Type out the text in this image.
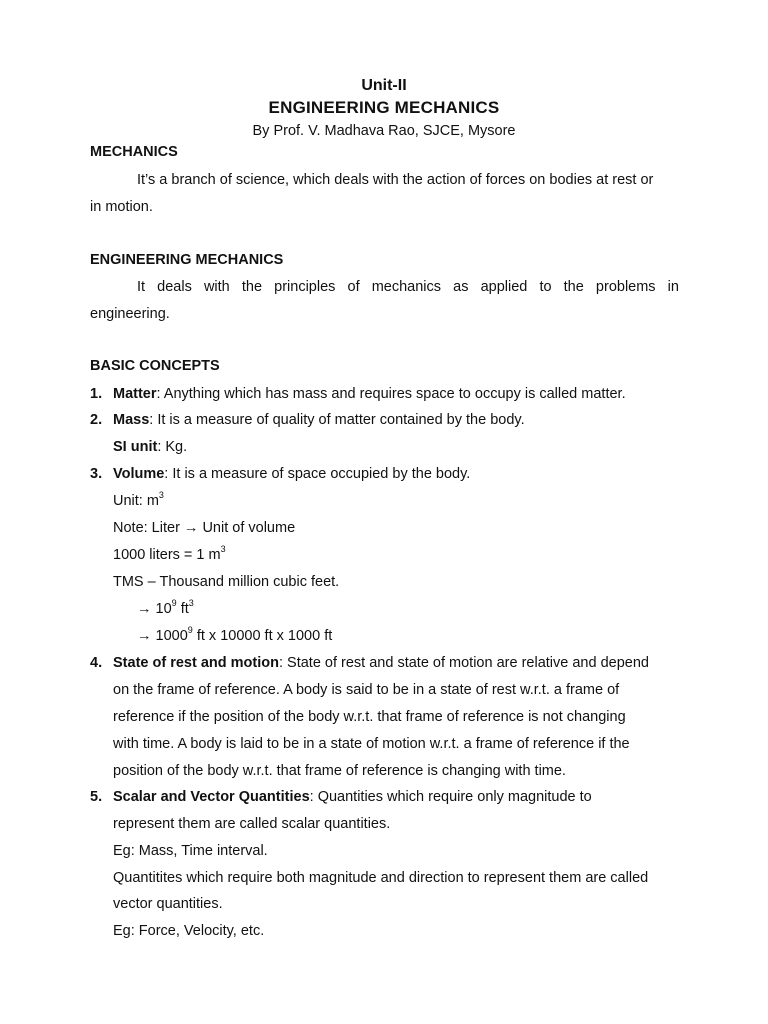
Unit-II
ENGINEERING MECHANICS
By Prof. V. Madhava Rao, SJCE, Mysore
MECHANICS
It’s a branch of science, which deals with the action of forces on bodies at rest or
in motion.
ENGINEERING MECHANICS
It deals with the principles of mechanics as applied to the problems in
engineering.
BASIC CONCEPTS
1. Matter: Anything which has mass and requires space to occupy is called matter.
2. Mass: It is a measure of quality of matter contained by the body.
SI unit: Kg.
3. Volume: It is a measure of space occupied by the body.
Unit: $m^3$
Note: Liter → Unit of volume
1000 liters = 1 $m^3$
TMS – Thousand million cubic feet.
→ $10^9$ $ft^3$
→ $1000^9$ ft x 10000 ft x 1000 ft
4. State of rest and motion: State of rest and state of motion are relative and depend
on the frame of reference. A body is said to be in a state of rest w.r.t. a frame of
reference if the position of the body w.r.t. that frame of reference is not changing
with time. A body is laid to be in a state of motion w.r.t. a frame of reference if the
position of the body w.r.t. that frame of reference is changing with time.
5. Scalar and Vector Quantities: Quantities which require only magnitude to
represent them are called scalar quantities.
Eg: Mass, Time interval.
Quantitites which require both magnitude and direction to represent them are called
vector quantities.
Eg: Force, Velocity, etc.
